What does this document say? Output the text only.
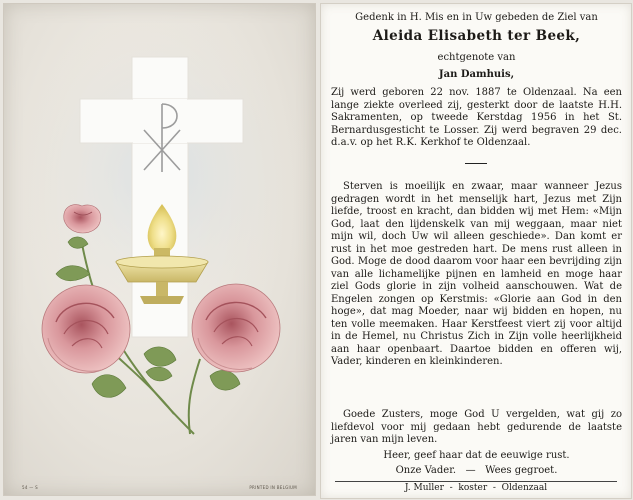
54 — S	PRINTED IN BELGIUM
Gedenk in H. Mis en in Uw gebeden de Ziel van
Aleida Elisabeth ter Beek,
echtgenote van
Jan Damhuis,
Zij werd geboren 22 nov. 1887 te Oldenzaal. Na een lange ziekte overleed zij, gesterkt door de laatste H.H. Sakramenten, op tweede Kerstdag 1956 in het St. Bernardusgesticht te Losser. Zij werd begraven 29 dec. d.a.v. op het R.K. Kerkhof te Oldenzaal.
Sterven is moeilijk en zwaar, maar wanneer Jezus gedragen wordt in het menselijk hart, Jezus met Zijn liefde, troost en kracht, dan bidden wij met Hem: «Mijn God, laat den lijdenskelk van mij weggaan, maar niet mijn wil, doch Uw wil alleen geschiede». Dan komt er rust in het moe gestreden hart. De mens rust alleen in God. Moge de dood daarom voor haar een bevrijding zijn van alle lichamelijke pijnen en lamheid en moge haar ziel Gods glorie in zijn volheid aanschouwen. Wat de Engelen zongen op Kerstmis: «Glorie aan God in den hoge», dat mag Moeder, naar wij bidden en hopen, nu ten volle meemaken. Haar Kerstfeest viert zij voor altijd in de Hemel, nu Christus Zich in Zijn volle heerlijkheid aan haar openbaart. Daartoe bidden en offeren wij, Vader, kinderen en kleinkinderen.
Goede Zusters, moge God U vergelden, wat gij zo liefdevol voor mij gedaan hebt gedurende de laatste jaren van mijn leven.
Heer, geef haar dat de eeuwige rust.
Onze Vader.   —   Wees gegroet.
J. Muller  -  koster  -  Oldenzaal
